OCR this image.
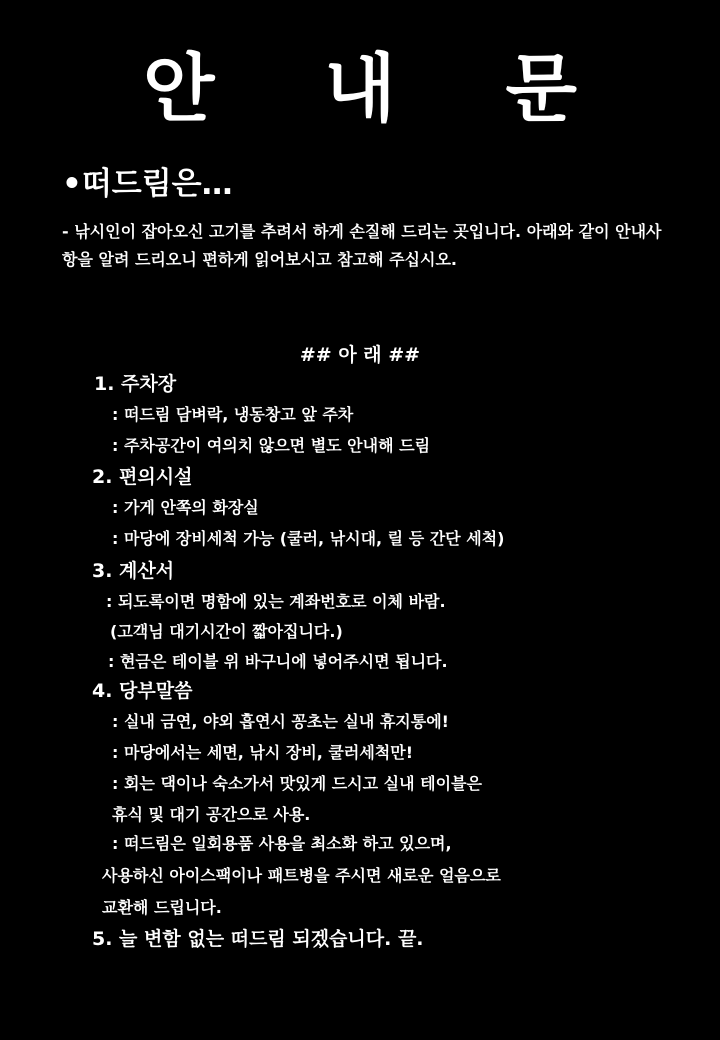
안 내 문
•떠드림은…
- 낚시인이 잡아오신 고기를 추려서 하게 손질해 드리는 곳입니다. 아래와 같이 안내사항을 알려 드리오니 편하게 읽어보시고 참고해 주십시오.
## 아 래 ##
1. 주차장
: 떠드림 담벼락, 냉동창고 앞 주차
: 주차공간이 여의치 않으면 별도 안내해 드림
2. 편의시설
: 가게 안쪽의 화장실
: 마당에 장비세척 가능 (쿨러, 낚시대, 릴 등 간단 세척)
3. 계산서
: 되도록이면 명함에 있는 계좌번호로 이체 바람.
(고객님 대기시간이 짧아집니다.)
: 현금은 테이블 위 바구니에 넣어주시면 됩니다.
4. 당부말씀
: 실내 금연, 야외 흡연시 꽁초는 실내 휴지통에!
: 마당에서는 세면, 낚시 장비, 쿨러세척만!
: 회는 댁이나 숙소가서 맛있게 드시고 실내 테이블은
휴식 및 대기 공간으로 사용.
: 떠드림은 일회용품 사용을 최소화 하고 있으며,
사용하신 아이스팩이나 패트병을 주시면 새로운 얼음으로
교환해 드립니다.
5. 늘 변함 없는 떠드림 되겠습니다. 끝.
